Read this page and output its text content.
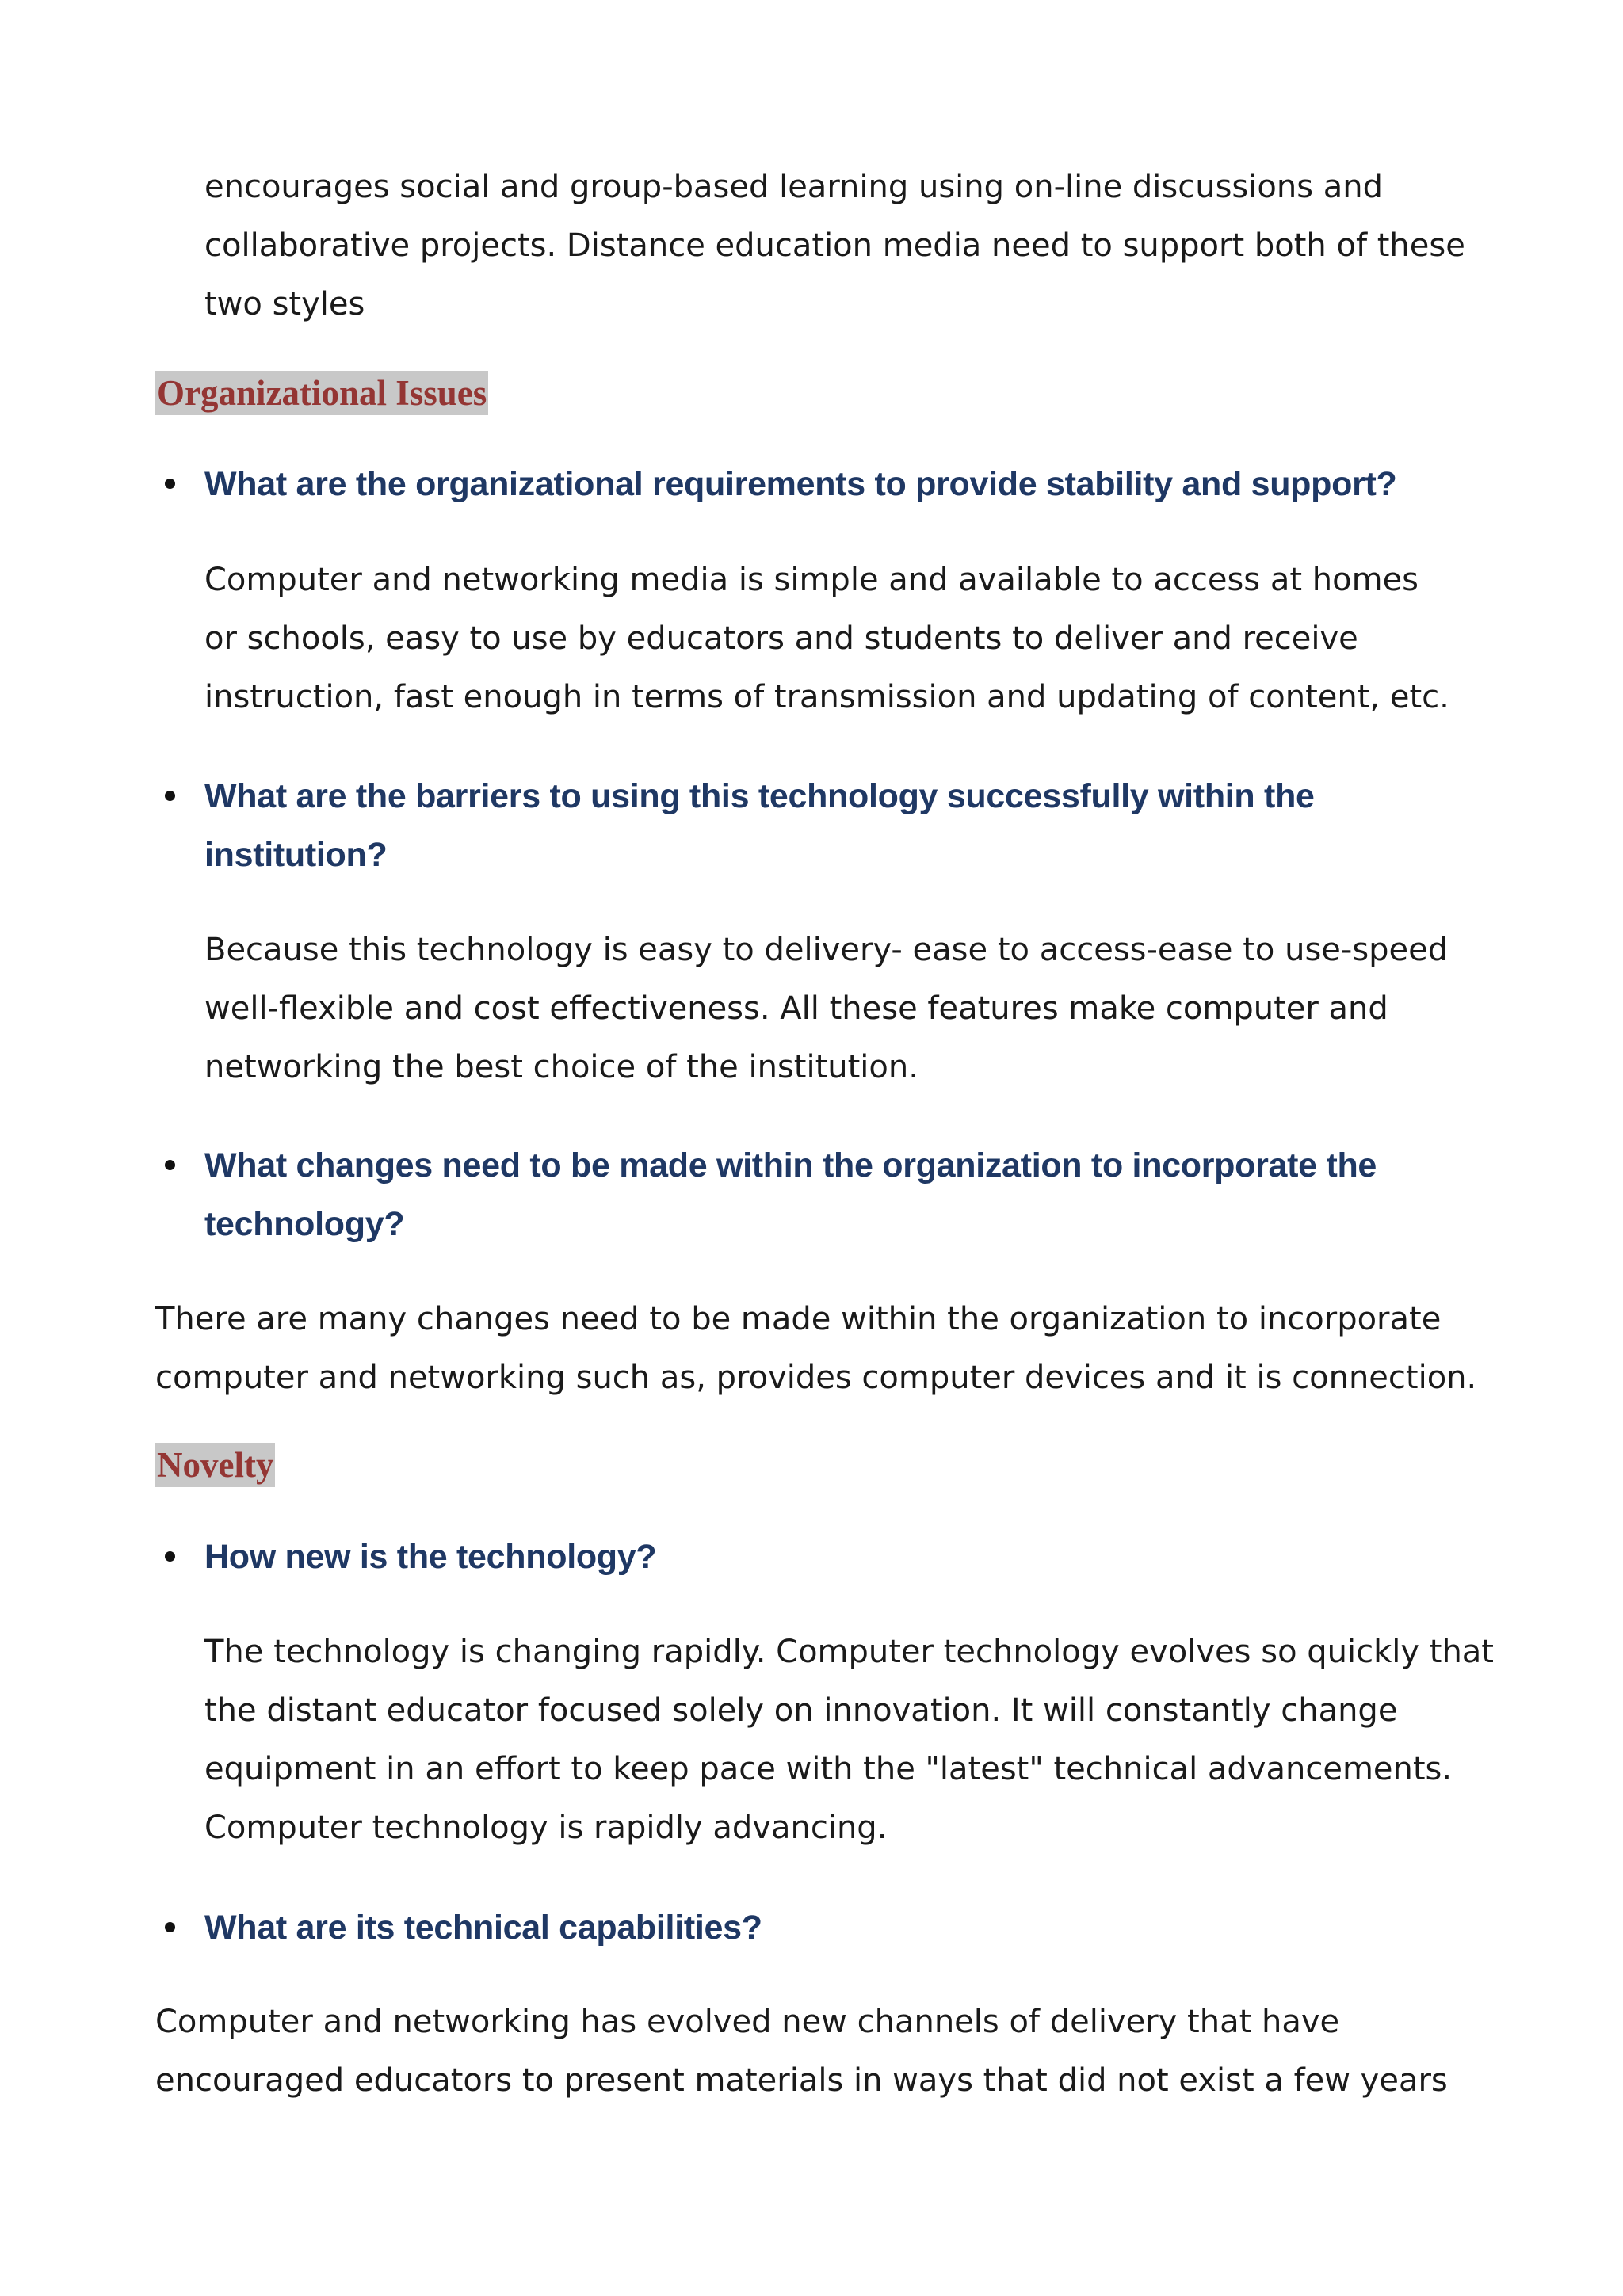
encourages social and group-based learning using on-line discussions and
collaborative projects. Distance education media need to support both of these
two styles
Organizational Issues
What are the organizational requirements to provide stability and support?
Computer and networking media is simple and available to access at homes
or schools, easy to use by educators and students to deliver and receive
instruction, fast enough in terms of transmission and updating of content, etc.
What are the barriers to using this technology successfully within the
institution?
Because this technology is easy to delivery- ease to access-ease to use-speed
well-flexible and cost effectiveness. All these features make computer and
networking the best choice of the institution.
What changes need to be made within the organization to incorporate the
technology?
There are many changes need to be made within the organization to incorporate
computer and networking such as, provides computer devices and it is connection.
Novelty
How new is the technology?
The technology is changing rapidly. Computer technology evolves so quickly that
the distant educator focused solely on innovation. It will constantly change
equipment in an effort to keep pace with the "latest" technical advancements.
Computer technology is rapidly advancing.
What are its technical capabilities?
Computer and networking has evolved new channels of delivery that have
encouraged educators to present materials in ways that did not exist a few years
